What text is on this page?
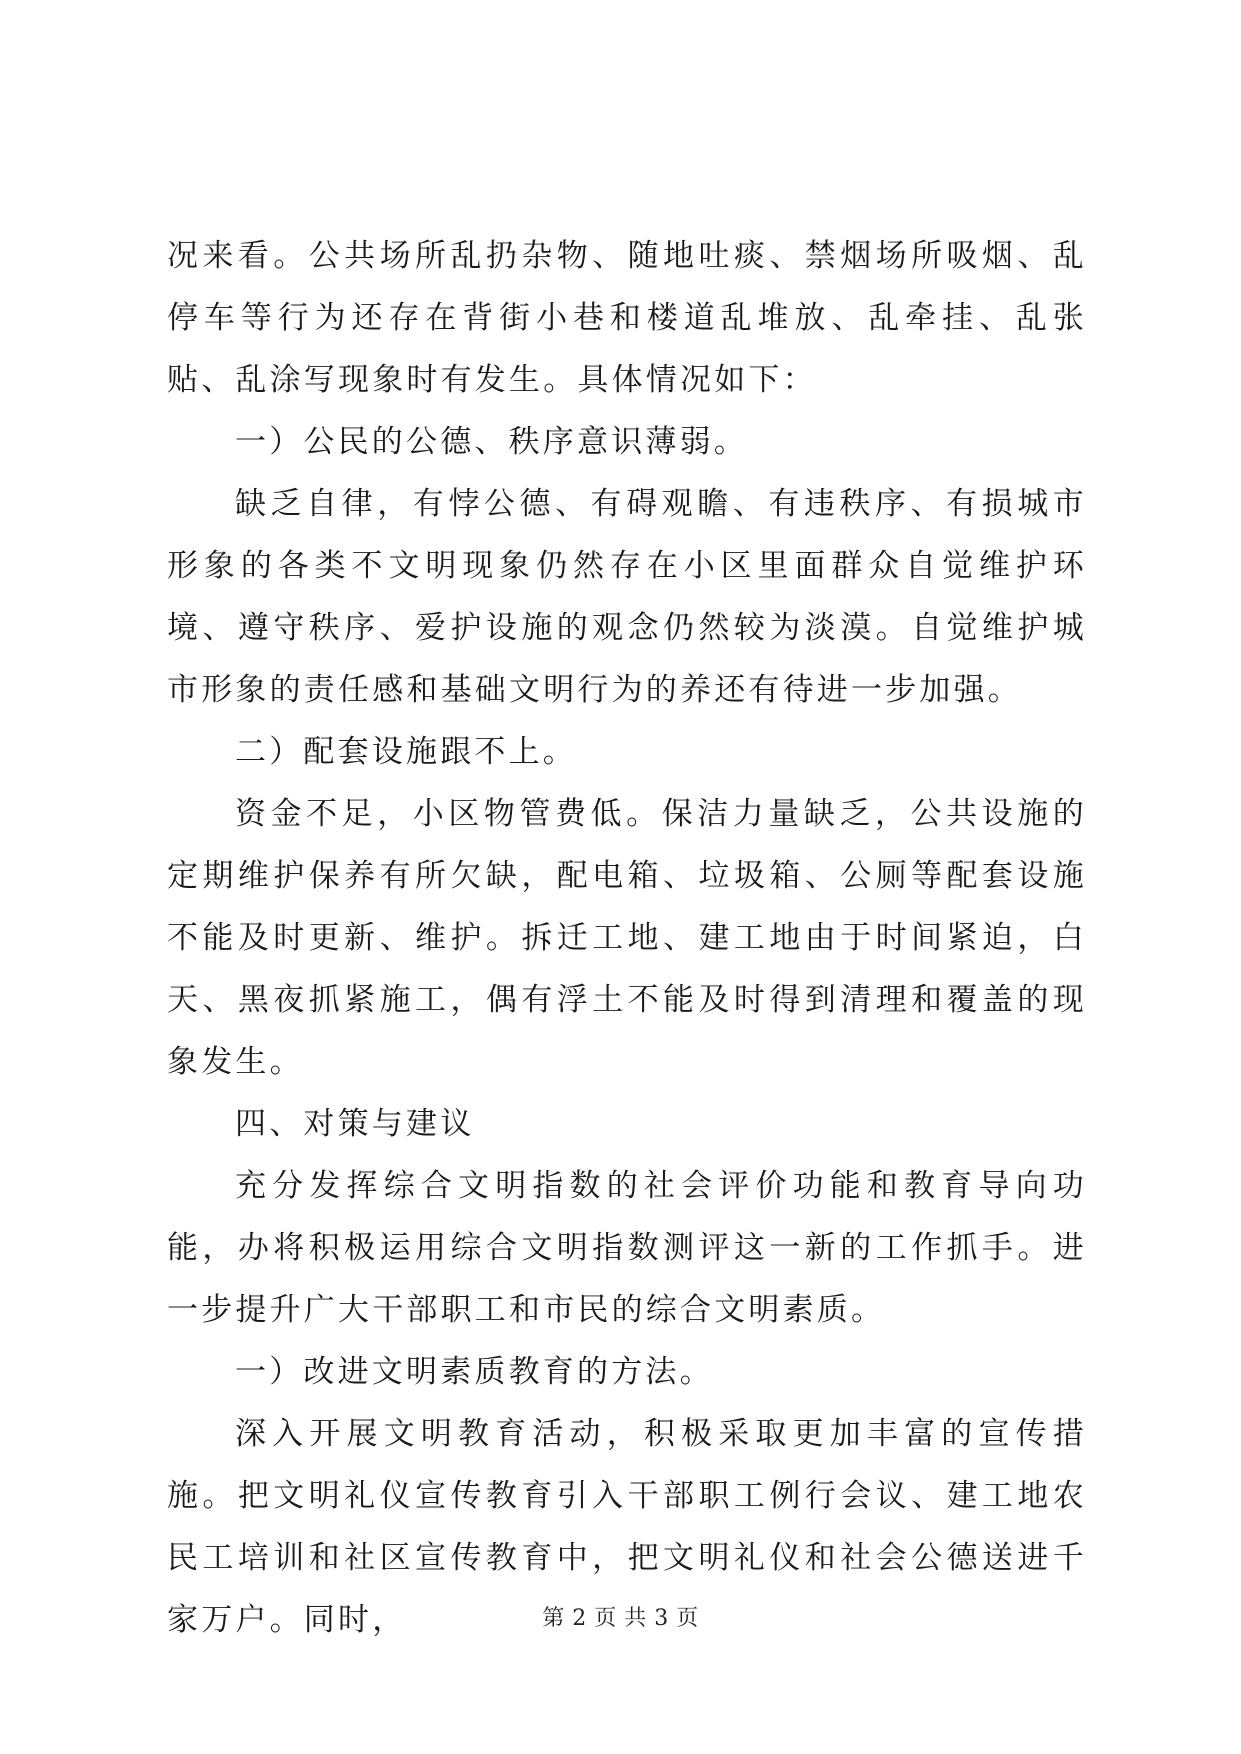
况来看。公共场所乱扔杂物、随地吐痰、禁烟场所吸烟、乱停车等行为还存在背街小巷和楼道乱堆放、乱牵挂、乱张贴、乱涂写现象时有发生。具体情况如下：

一）公民的公德、秩序意识薄弱。

缺乏自律，有悖公德、有碍观瞻、有违秩序、有损城市形象的各类不文明现象仍然存在小区里面群众自觉维护环境、遵守秩序、爱护设施的观念仍然较为淡漠。自觉维护城市形象的责任感和基础文明行为的养还有待进一步加强。

二）配套设施跟不上。

资金不足，小区物管费低。保洁力量缺乏，公共设施的定期维护保养有所欠缺，配电箱、垃圾箱、公厕等配套设施不能及时更新、维护。拆迁工地、建工地由于时间紧迫，白天、黑夜抓紧施工，偶有浮土不能及时得到清理和覆盖的现象发生。

四、对策与建议

充分发挥综合文明指数的社会评价功能和教育导向功能，办将积极运用综合文明指数测评这一新的工作抓手。进一步提升广大干部职工和市民的综合文明素质。

一）改进文明素质教育的方法。

深入开展文明教育活动，积极采取更加丰富的宣传措施。把文明礼仪宣传教育引入干部职工例行会议、建工地农民工培训和社区宣传教育中，把文明礼仪和社会公德送进千家万户。同时，	第 2 页 共 3 页
